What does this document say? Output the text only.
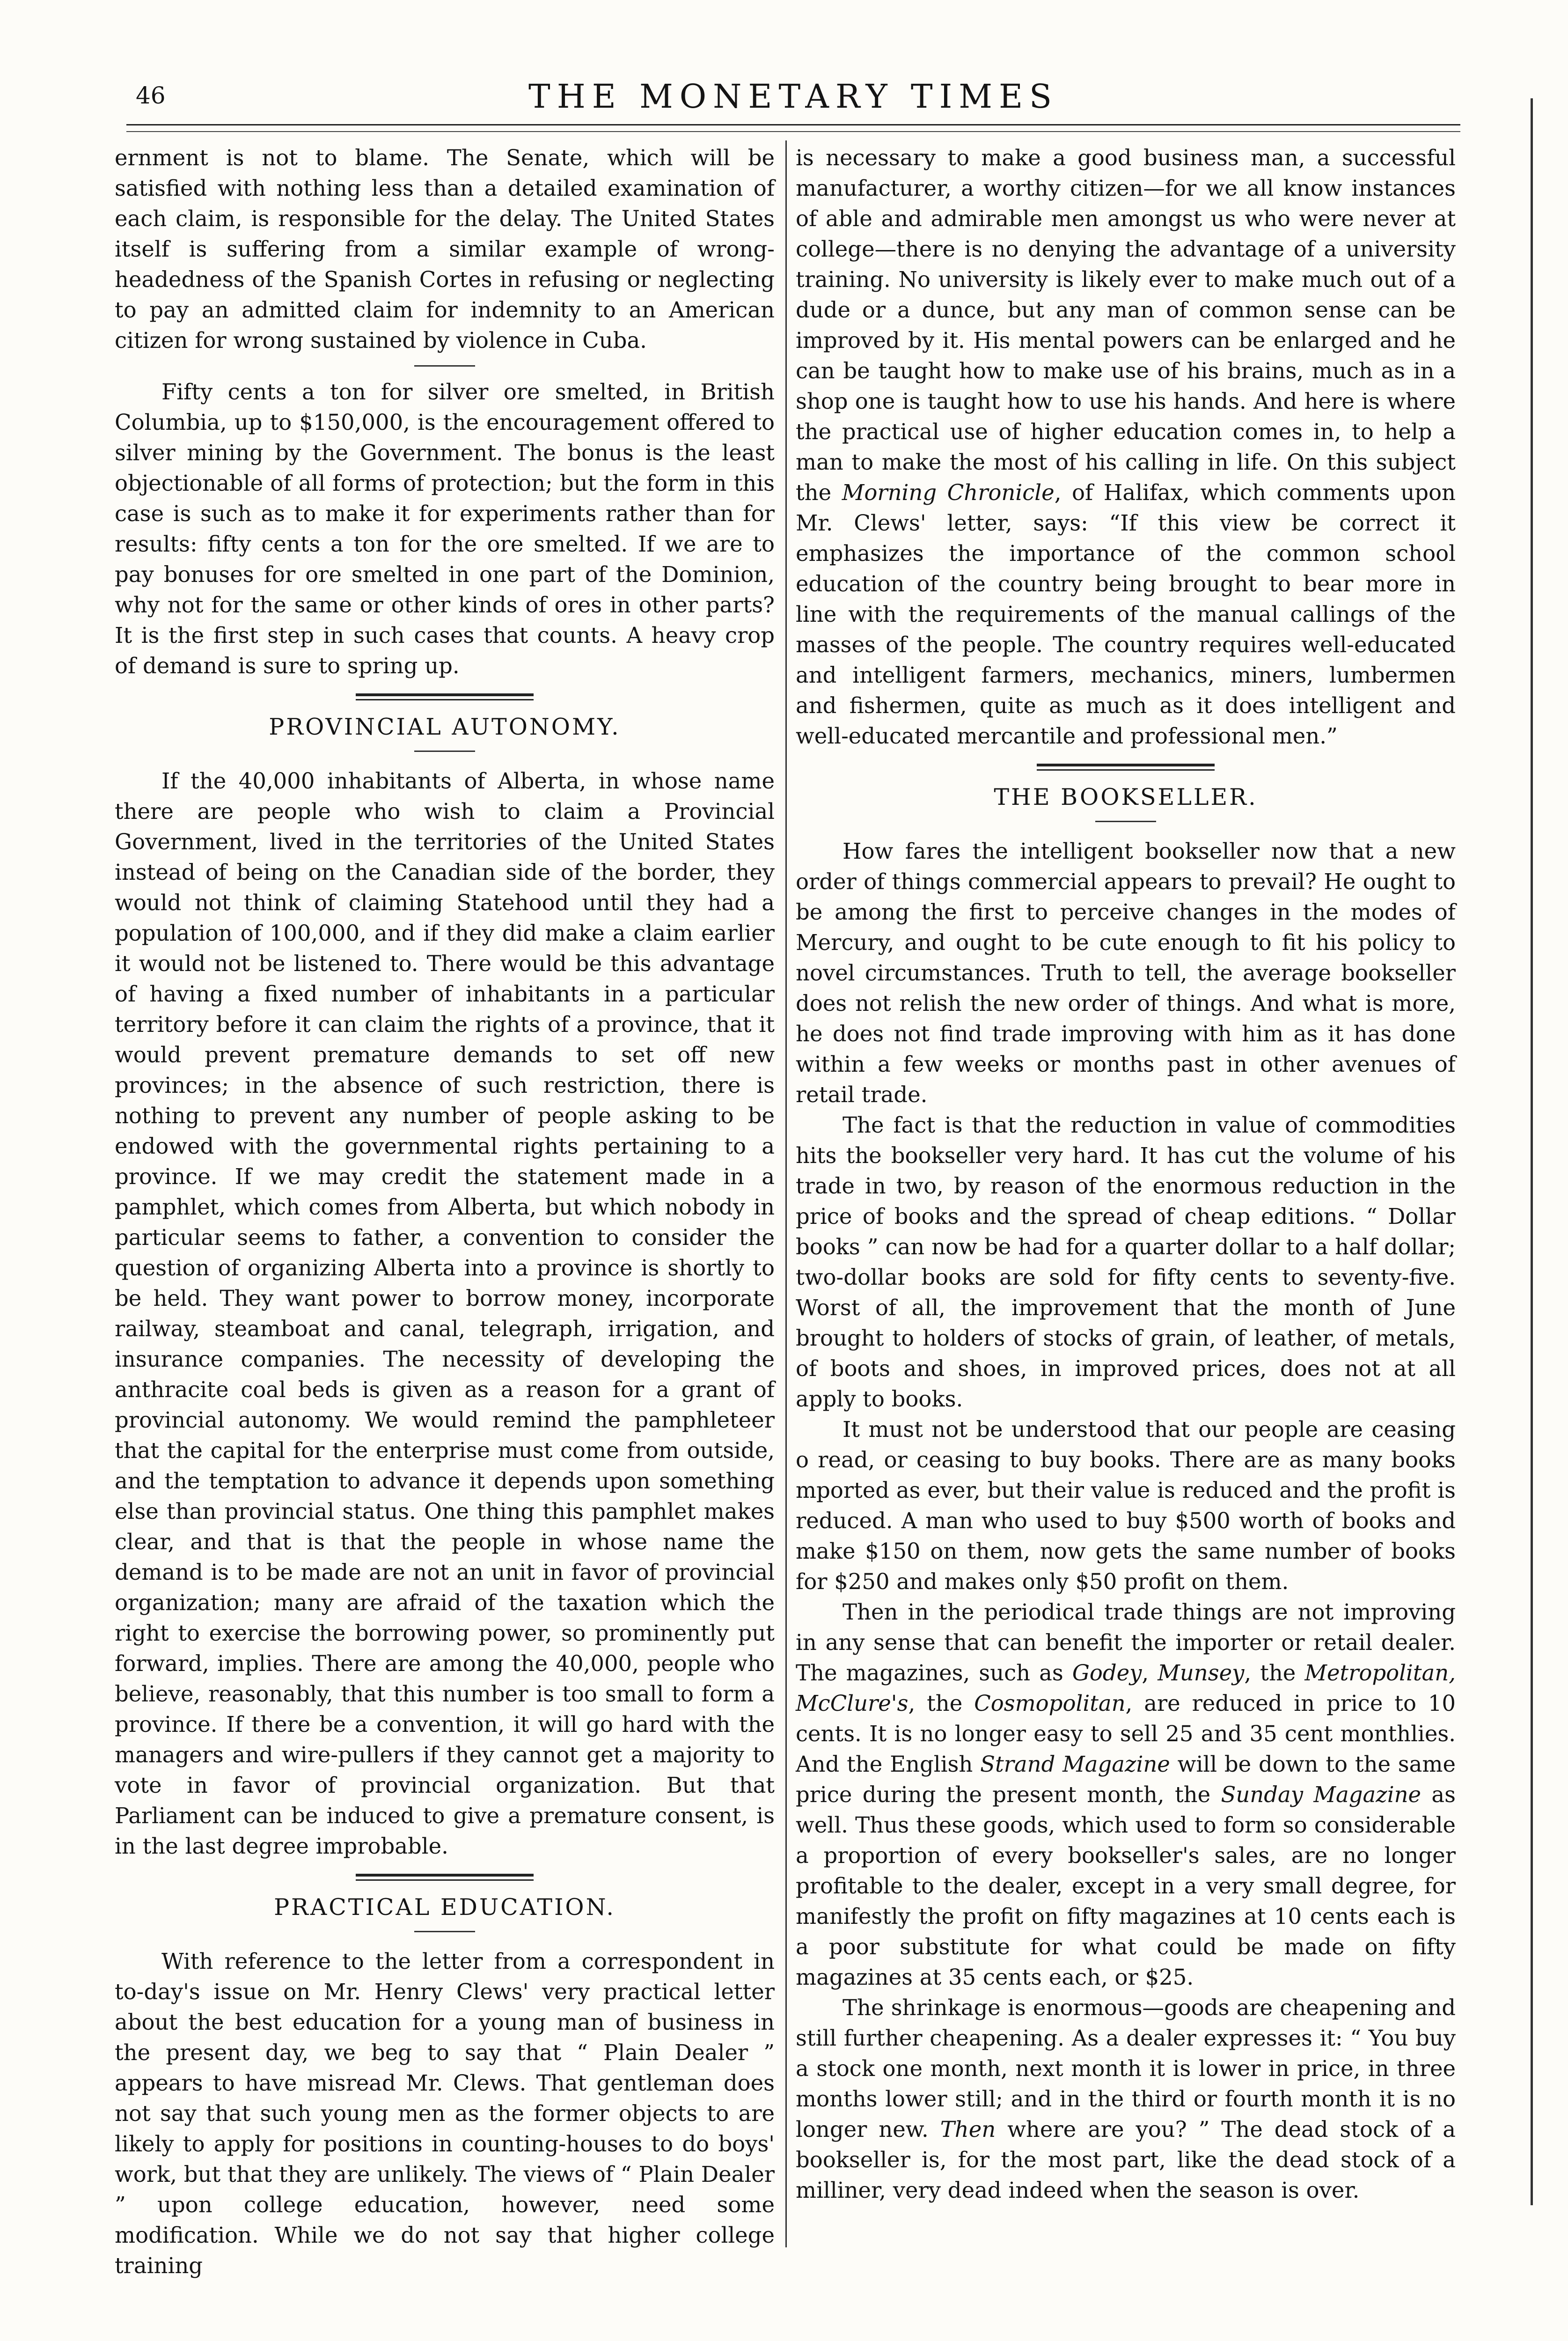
46	THE MONETARY TIMES

ernment is not to blame. The Senate, which will be satisfied with nothing less than a detailed examination of each claim, is responsible for the delay. The United States itself is suffering from a similar example of wrong-headedness of the Spanish Cortes in refusing or neglecting to pay an admitted claim for indemnity to an American citizen for wrong sustained by violence in Cuba.

Fifty cents a ton for silver ore smelted, in British Columbia, up to $150,000, is the encouragement offered to silver mining by the Government. The bonus is the least objectionable of all forms of protection; but the form in this case is such as to make it for experiments rather than for results: fifty cents a ton for the ore smelted. If we are to pay bonuses for ore smelted in one part of the Dominion, why not for the same or other kinds of ores in other parts? It is the first step in such cases that counts. A heavy crop of demand is sure to spring up.

PROVINCIAL AUTONOMY.

If the 40,000 inhabitants of Alberta, in whose name there are people who wish to claim a Provincial Government, lived in the territories of the United States instead of being on the Canadian side of the border, they would not think of claiming Statehood until they had a population of 100,000, and if they did make a claim earlier it would not be listened to. There would be this advantage of having a fixed number of inhabitants in a particular territory before it can claim the rights of a province, that it would prevent premature demands to set off new provinces; in the absence of such restriction, there is nothing to prevent any number of people asking to be endowed with the governmental rights pertaining to a province. If we may credit the statement made in a pamphlet, which comes from Alberta, but which nobody in particular seems to father, a convention to consider the question of organizing Alberta into a province is shortly to be held. They want power to borrow money, incorporate railway, steamboat and canal, telegraph, irrigation, and insurance companies. The necessity of developing the anthracite coal beds is given as a reason for a grant of provincial autonomy. We would remind the pamphleteer that the capital for the enterprise must come from outside, and the temptation to advance it depends upon something else than provincial status. One thing this pamphlet makes clear, and that is that the people in whose name the demand is to be made are not an unit in favor of provincial organization; many are afraid of the taxation which the right to exercise the borrowing power, so prominently put forward, implies. There are among the 40,000, people who believe, reasonably, that this number is too small to form a province. If there be a convention, it will go hard with the managers and wire-pullers if they cannot get a majority to vote in favor of provincial organization. But that Parliament can be induced to give a premature consent, is in the last degree improbable.

PRACTICAL EDUCATION.

With reference to the letter from a correspondent in to-day's issue on Mr. Henry Clews' very practical letter about the best education for a young man of business in the present day, we beg to say that “ Plain Dealer ” appears to have misread Mr. Clews. That gentleman does not say that such young men as the former objects to are likely to apply for positions in counting-houses to do boys' work, but that they are unlikely. The views of “ Plain Dealer ” upon college education, however, need some modification. While we do not say that higher college training

is necessary to make a good business man, a successful manufacturer, a worthy citizen—for we all know instances of able and admirable men amongst us who were never at college—there is no denying the advantage of a university training. No university is likely ever to make much out of a dude or a dunce, but any man of common sense can be improved by it. His mental powers can be enlarged and he can be taught how to make use of his brains, much as in a shop one is taught how to use his hands. And here is where the practical use of higher education comes in, to help a man to make the most of his calling in life. On this subject the Morning Chronicle, of Halifax, which comments upon Mr. Clews' letter, says: “If this view be correct it emphasizes the importance of the common school education of the country being brought to bear more in line with the requirements of the manual callings of the masses of the people. The country requires well-educated and intelligent farmers, mechanics, miners, lumbermen and fishermen, quite as much as it does intelligent and well-educated mercantile and professional men.”

THE BOOKSELLER.

How fares the intelligent bookseller now that a new order of things commercial appears to prevail? He ought to be among the first to perceive changes in the modes of Mercury, and ought to be cute enough to fit his policy to novel circumstances. Truth to tell, the average bookseller does not relish the new order of things. And what is more, he does not find trade improving with him as it has done within a few weeks or months past in other avenues of retail trade.

The fact is that the reduction in value of commodities hits the bookseller very hard. It has cut the volume of his trade in two, by reason of the enormous reduction in the price of books and the spread of cheap editions. “ Dollar books ” can now be had for a quarter dollar to a half dollar; two-dollar books are sold for fifty cents to seventy-five. Worst of all, the improvement that the month of June brought to holders of stocks of grain, of leather, of metals, of boots and shoes, in improved prices, does not at all apply to books.

It must not be understood that our people are ceasing o read, or ceasing to buy books. There are as many books mported as ever, but their value is reduced and the profit is reduced. A man who used to buy $500 worth of books and make $150 on them, now gets the same number of books for $250 and makes only $50 profit on them.

Then in the periodical trade things are not improving in any sense that can benefit the importer or retail dealer. The magazines, such as Godey, Munsey, the Metropolitan, McClure's, the Cosmopolitan, are reduced in price to 10 cents. It is no longer easy to sell 25 and 35 cent monthlies. And the English Strand Magazine will be down to the same price during the present month, the Sunday Magazine as well. Thus these goods, which used to form so considerable a proportion of every bookseller's sales, are no longer profitable to the dealer, except in a very small degree, for manifestly the profit on fifty magazines at 10 cents each is a poor substitute for what could be made on fifty magazines at 35 cents each, or $25.

The shrinkage is enormous—goods are cheapening and still further cheapening. As a dealer expresses it: “ You buy a stock one month, next month it is lower in price, in three months lower still; and in the third or fourth month it is no longer new. Then where are you? ” The dead stock of a bookseller is, for the most part, like the dead stock of a milliner, very dead indeed when the season is over.
